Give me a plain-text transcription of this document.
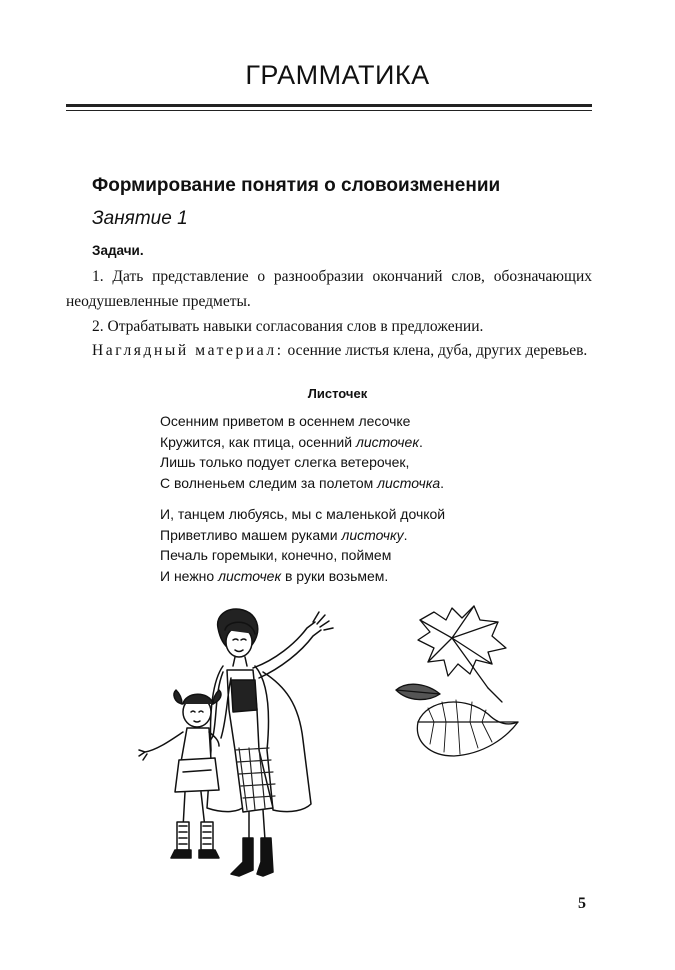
ГРАММАТИКА
Формирование понятия о словоизменении
Занятие 1
Задачи.

1. Дать представление о разнообразии окончаний слов, обозначающих неодушевленные предметы.

2. Отрабатывать навыки согласования слов в предложении.

Наглядный материал: осенние листья клена, дуба, других деревьев.

Листочек
Осенним приветом в осеннем лесочке
Кружится, как птица, осенний листочек.
Лишь только подует слегка ветерочек,
С волненьем следим за полетом листочка.
И, танцем любуясь, мы с маленькой дочкой
Приветливо машем руками листочку.
Печаль горемыки, конечно, поймем
И нежно листочек в руки возьмем.
5
